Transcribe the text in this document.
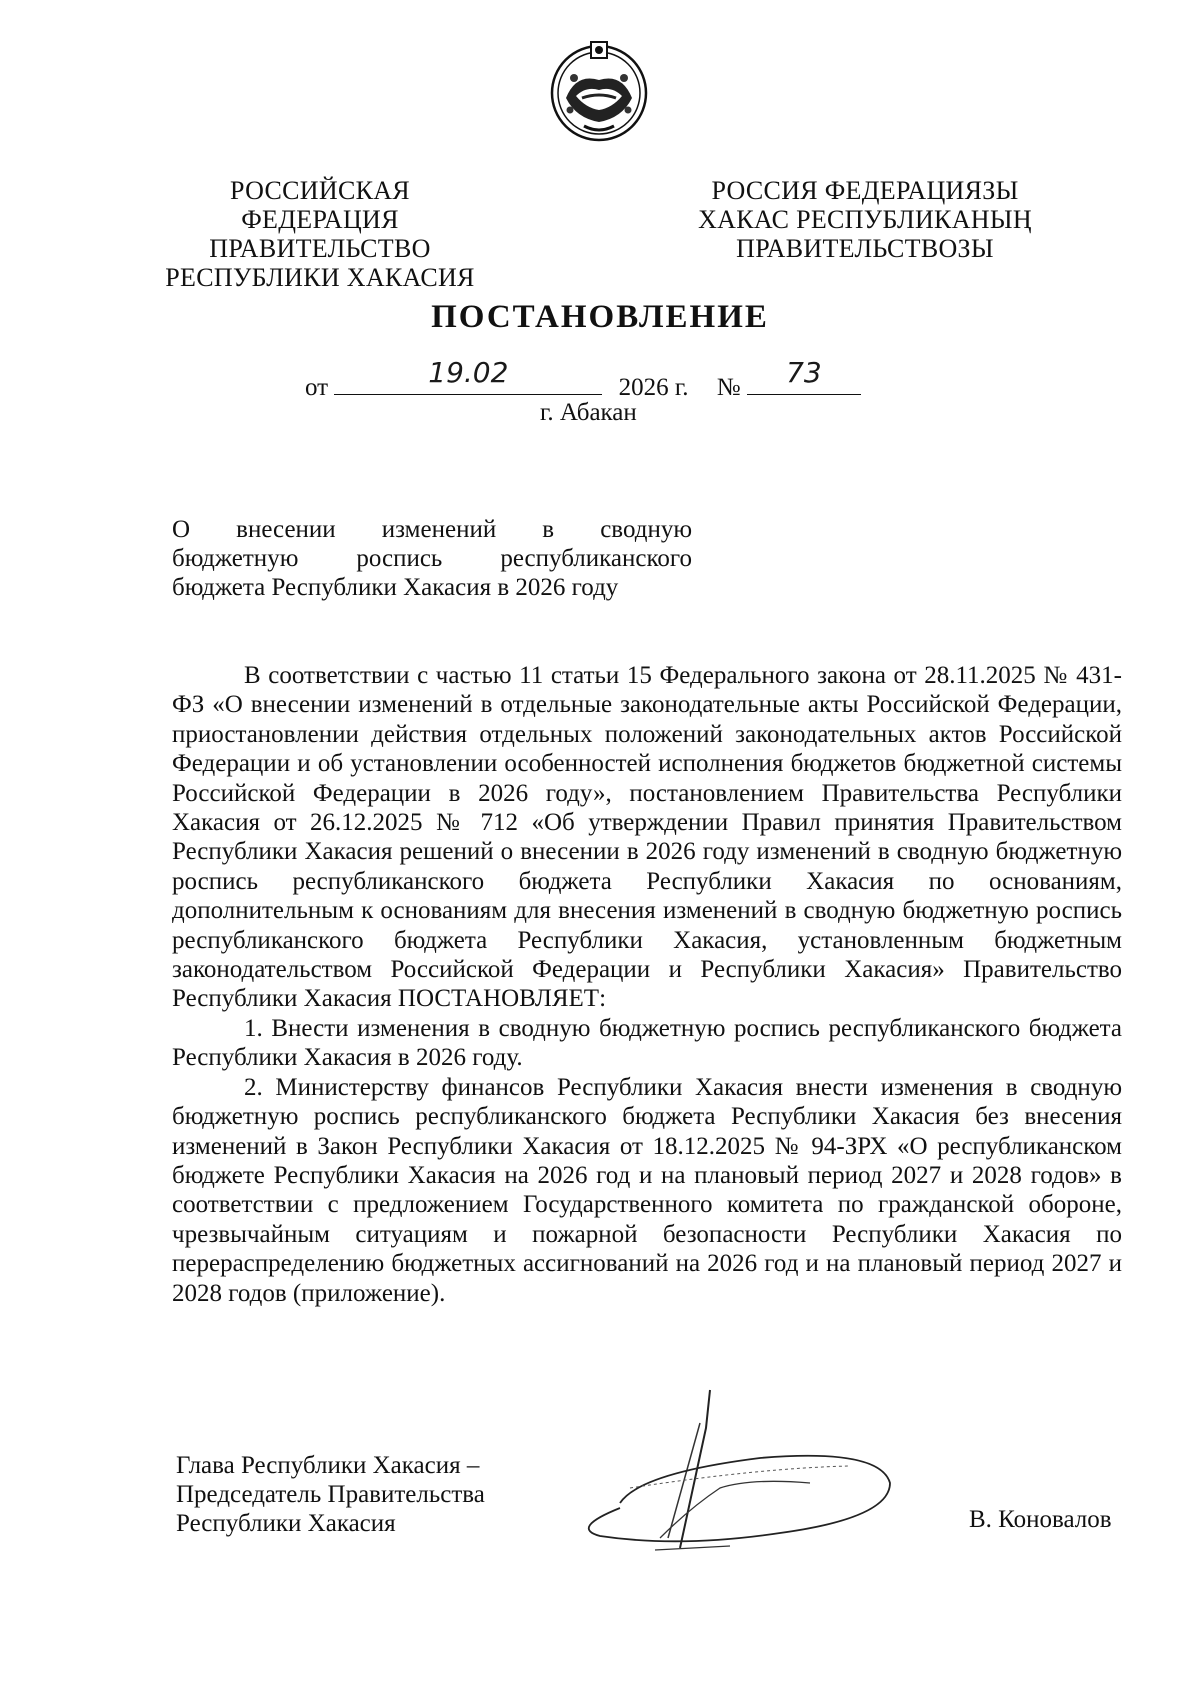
РОССИЙСКАЯ ФЕДЕРАЦИЯ
ПРАВИТЕЛЬСТВО
РЕСПУБЛИКИ ХАКАСИЯ
РОССИЯ ФЕДЕРАЦИЯЗЫ
ХАКАС РЕСПУБЛИКАНЫҢ
ПРАВИТЕЛЬСТВОЗЫ
ПОСТАНОВЛЕНИЕ
от	19.02	2026 г. №	73
г. Абакан
О внесении изменений в сводную
бюджетную роспись республиканского
бюджета Республики Хакасия в 2026 году

В соответствии с частью 11 статьи 15 Федерального закона от 28.11.2025 № 431-ФЗ «О внесении изменений в отдельные законодательные акты Российской Федерации, приостановлении действия отдельных положений законодательных актов Российской Федерации и об установлении особенностей исполнения бюджетов бюджетной системы Российской Федерации в 2026 году», постановлением Правительства Республики Хакасия от 26.12.2025 № 712 «Об утверждении Правил принятия Правительством Республики Хакасия решений о внесении в 2026 году изменений в сводную бюджетную роспись республиканского бюджета Республики Хакасия по основаниям, дополнительным к основаниям для внесения изменений в сводную бюджетную роспись республиканского бюджета Республики Хакасия, установленным бюджетным законодательством Российской Федерации и Республики Хакасия» Правительство Республики Хакасия ПОСТАНОВЛЯЕТ:

1. Внести изменения в сводную бюджетную роспись республиканского бюджета Республики Хакасия в 2026 году.

2. Министерству финансов Республики Хакасия внести изменения в сводную бюджетную роспись республиканского бюджета Республики Хакасия без внесения изменений в Закон Республики Хакасия от 18.12.2025 № 94-ЗРХ «О республиканском бюджете Республики Хакасия на 2026 год и на плановый период 2027 и 2028 годов» в соответствии с предложением Государственного комитета по гражданской обороне, чрезвычайным ситуациям и пожарной безопасности Республики Хакасия по перераспределению бюджетных ассигнований на 2026 год и на плановый период 2027 и 2028 годов (приложение).

Глава Республики Хакасия –
Председатель Правительства
Республики Хакасия	В. Коновалов
